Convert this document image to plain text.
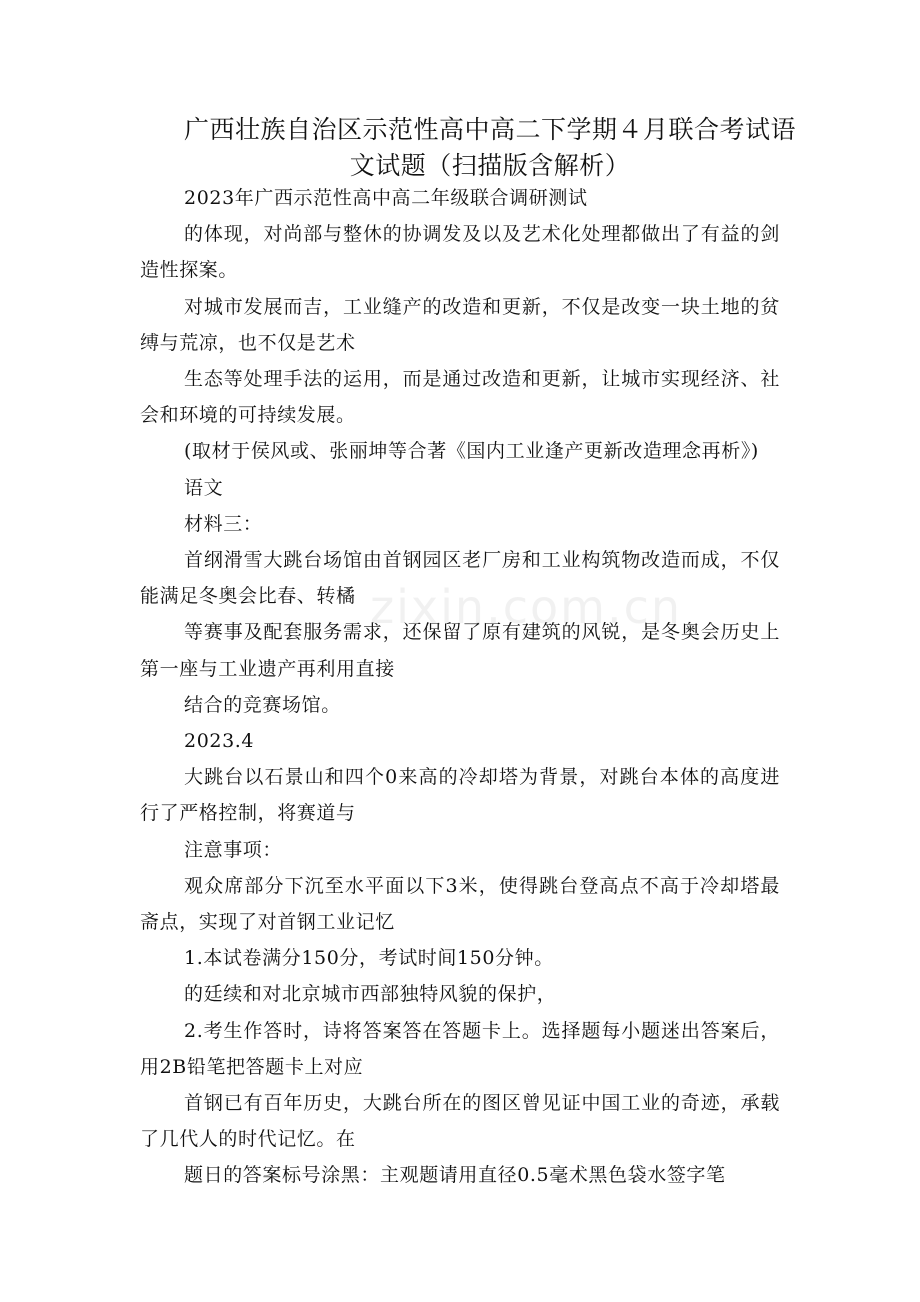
广西壮族自治区示范性高中高二下学期４月联合考试语
文试题（扫描版含解析）
zixin.com.cn

2023年广西示范性高中高二年级联合调研测试

的体现，对尚部与整休的协调发及以及艺术化处理都做出了有益的剑造性探案。

对城市发展而吉，工业缝产的改造和更新，不仅是改变一块土地的贫缚与荒凉，也不仅是艺术

生态等处理手法的运用，而是通过改造和更新，让城市实现经济、社会和环境的可持续发展。

(取材于侯风或、张丽坤等合著《国内工业逢产更新改造理念再析》)

语文

材料三：

首纲滑雪大跳台场馆由首钢园区老厂房和工业构筑物改造而成，不仅能满足冬奥会比春、转橘

等赛事及配套服务需求，还保留了原有建筑的风锐，是冬奥会历史上第一座与工业遗产再利用直接

结合的竞赛场馆。

2023.4

大跳台以石景山和四个0来高的冷却塔为背景，对跳台本体的高度进行了严格控制，将赛道与

注意事项：

观众席部分下沉至水平面以下3米，使得跳台登高点不高于冷却塔最斋点，实现了对首钢工业记忆

1.本试卷满分150分，考试时间150分钟。

的廷续和对北京城市西部独特风貌的保护，

2.考生作答时，诗将答案答在答题卡上。选择题每小题迷出答案后，用2B铅笔把答题卡上对应

首钢已有百年历史，大跳台所在的图区曾见证中国工业的奇迹，承载了几代人的时代记忆。在

题日的答案标号涂黑：主观题请用直径0.5毫术黑色袋水签字笔
